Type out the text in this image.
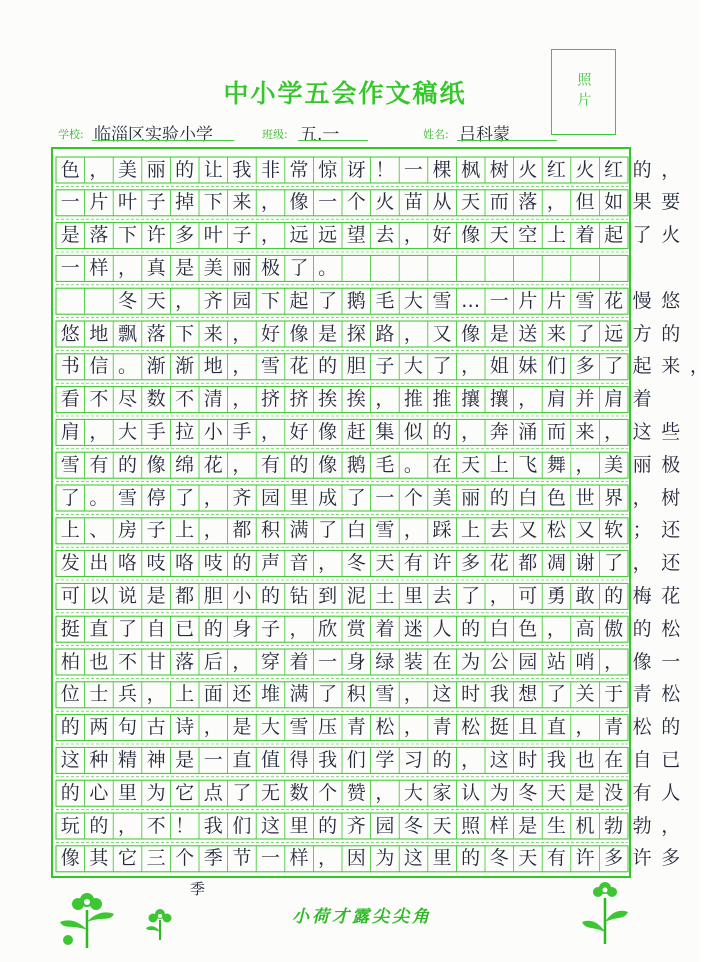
中小学五会作文稿纸	照片
学校: 临淄区实验小学	班级: 五.一	姓名: 吕科蒙
色 ， 美 丽 的 让 我 非 常 惊 讶 ！ 一 棵 枫 树 火 红 火 红 的 ，
一 片 叶 子 掉 下 来 ， 像 一 个 火 苗 从 天 而 落 ， 但 如 果 要
是 落 下 许 多 叶 子 ， 远 远 望 去 ， 好 像 天 空 上 着 起 了 火
一 样 ， 真 是 美 丽 极 了 。
冬 天 ， 齐 园 下 起 了 鹅 毛 大 雪 … 一 片 片 雪 花 慢 悠
悠 地 飘 落 下 来 ， 好 像 是 探 路 ， 又 像 是 送 来 了 远 方 的
书 信 。 渐 渐 地 ， 雪 花 的 胆 子 大 了 ， 姐 妹 们 多 了 起 来 ，
看 不 尽 数 不 清 ， 挤 挤 挨 挨 ， 推 推 攘 攘 ， 肩 并 肩 着
肩 ， 大 手 拉 小 手 ， 好 像 赶 集 似 的 ， 奔 涌 而 来 ， 这 些
雪 有 的 像 绵 花 ， 有 的 像 鹅 毛 。 在 天 上 飞 舞 ， 美 丽 极
了 。 雪 停 了 ， 齐 园 里 成 了 一 个 美 丽 的 白 色 世 界 ， 树
上 、 房 子 上 ， 都 积 满 了 白 雪 ， 踩 上 去 又 松 又 软 ； 还
发 出 咯 吱 咯 吱 的 声 音 ， 冬 天 有 许 多 花 都 凋 谢 了 ， 还
可 以 说 是 都 胆 小 的 钻 到 泥 土 里 去 了 ， 可 勇 敢 的 梅 花
挺 直 了 自 已 的 身 子 ， 欣 赏 着 迷 人 的 白 色 ， 高 傲 的 松
柏 也 不 甘 落 后 ， 穿 着 一 身 绿 装 在 为 公 园 站 哨 ， 像 一
位 士 兵 ， 上 面 还 堆 满 了 积 雪 ， 这 时 我 想 了 关 于 青 松
的 两 句 古 诗 ， 是 大 雪 压 青 松 ， 青 松 挺 且 直 ， 青 松 的
这 种 精 神 是 一 直 值 得 我 们 学 习 的 ， 这 时 我 也 在 自 已
的 心 里 为 它 点 了 无 数 个 赞 ， 大 家 认 为 冬 天 是 没 有 人
玩 的 ， 不 ！ 我 们 这 里 的 齐 园 冬 天 照 样 是 生 机 勃 勃 ，
像 其 它 三 个 季 节 一 样 ， 因 为 这 里 的 冬 天 有 许 多 许 多
季
小荷才露尖尖角
